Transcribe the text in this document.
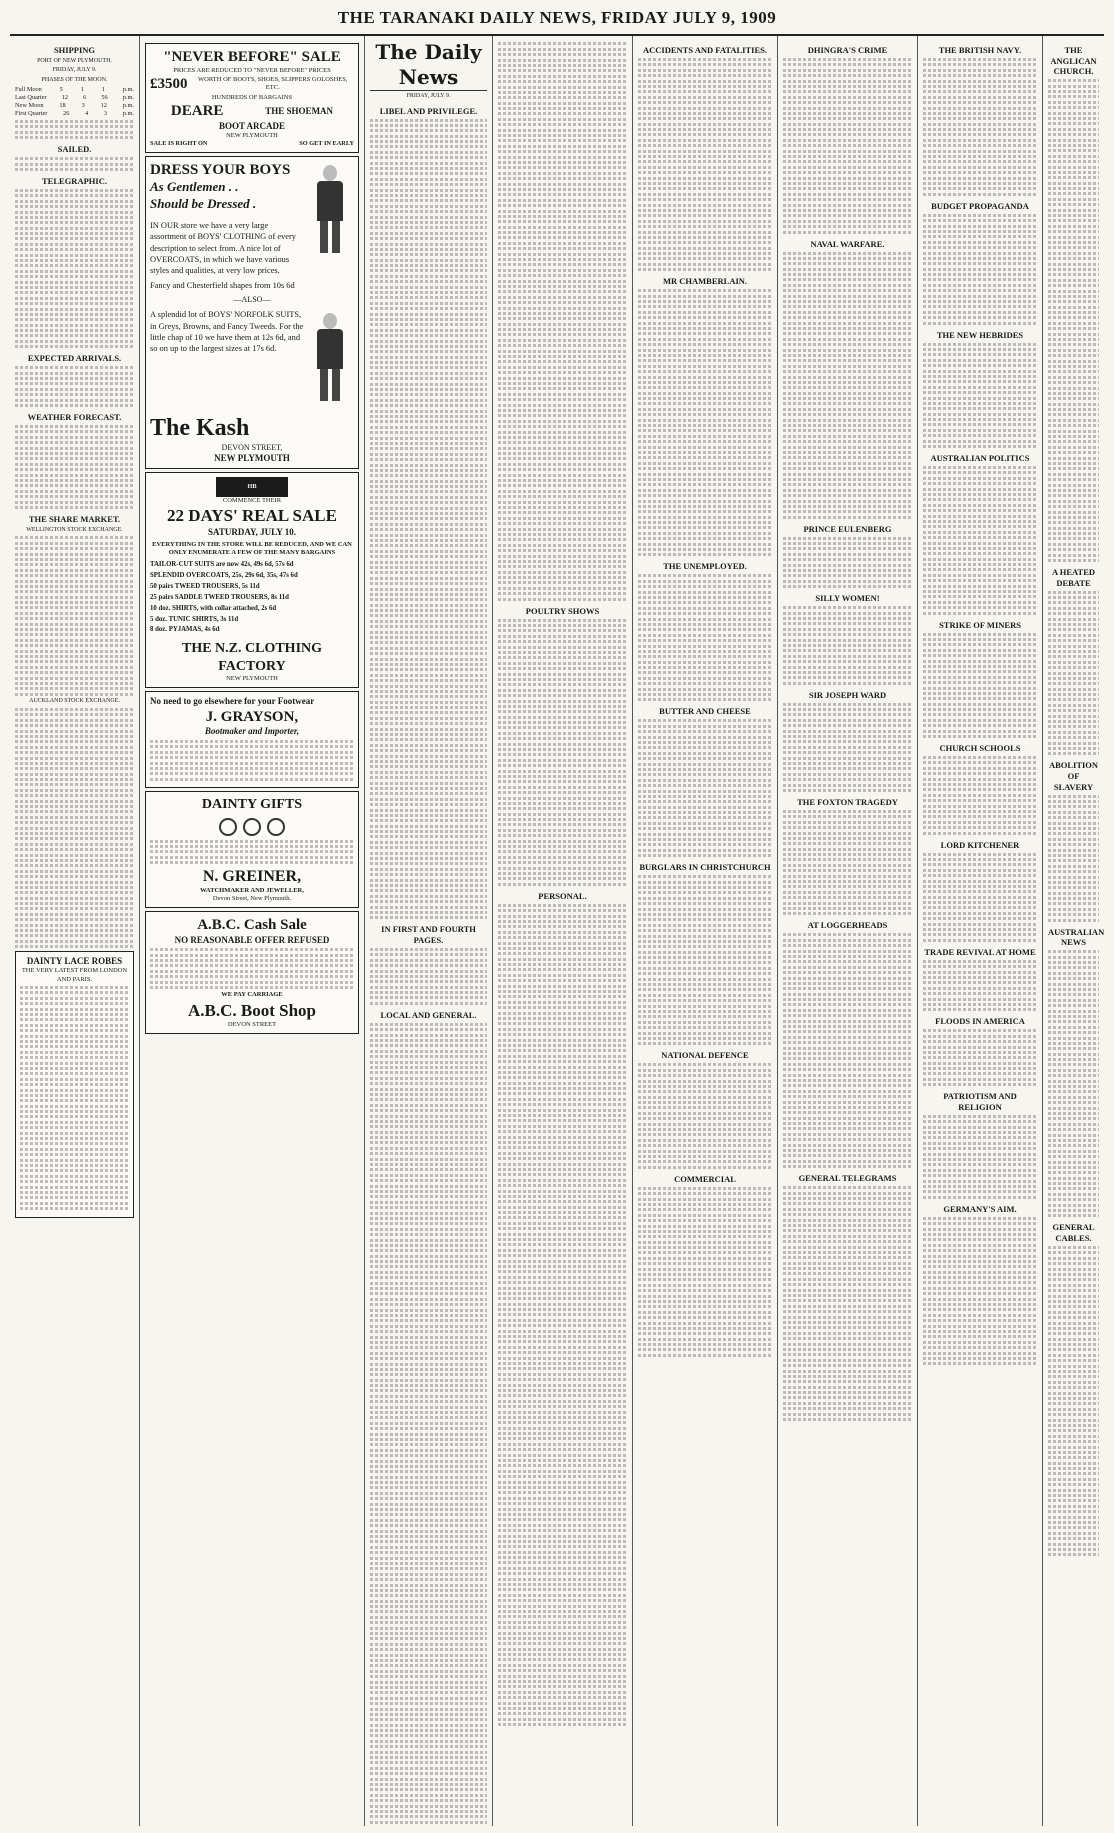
THE TARANAKI DAILY NEWS, FRIDAY JULY 9, 1909
SHIPPING
PORT OF NEW PLYMOUTH.
FRIDAY, JULY 9.
PHASES OF THE MOON.
Full Moon	5	1	1	p.m.
Last Quarter 12 6 56 p.m.
New Moon	18	3	12	p.m.
First Quarter 26 4 3 p.m.
SAILED.
TELEGRAPHIC.
EXPECTED ARRIVALS.
WEATHER FORECAST.
THE SHARE MARKET.
WELLINGTON STOCK EXCHANGE.
AUCKLAND STOCK EXCHANGE.
DAINTY LACE ROBES
THE VERY LATEST FROM LONDON AND PARIS.
"NEVER BEFORE" SALE
PRICES ARE REDUCED TO "NEVER BEFORE" PRICES
£3500	WORTH OF BOOTS, SHOES, SLIPPERS GOLOSHES, ETC.
HUNDREDS OF BARGAINS
DEARE	THE SHOEMAN
BOOT ARCADE
NEW PLYMOUTH
SALE IS RIGHT ON	SO GET IN EARLY
DRESS YOUR BOYS
As Gentlemen . .
Should be Dressed .
IN OUR store we have a very large assortment of BOYS' CLOTHING of every description to select from. A nice lot of OVERCOATS, in which we have various styles and qualities, at very low prices.
Fancy and Chesterfield shapes from 10s 6d
—ALSO—
A splendid lot of BOYS' NORFOLK SUITS, in Greys, Browns, and Fancy Tweeds. For the little chap of 10 we have them at 12s 6d, and so on up to the largest sizes at 17s 6d.
The Kash
DEVON STREET,
NEW PLYMOUTH
HB
COMMENCE THEIR
22 DAYS' REAL SALE
SATURDAY, JULY 10.
EVERYTHING IN THE STORE WILL BE REDUCED, AND WE CAN ONLY ENUMERATE A FEW OF THE MANY BARGAINS
TAILOR-CUT SUITS are now 42s, 49s 6d, 57s 6d
SPLENDID OVERCOATS, 25s, 29s 6d, 35s, 47s 6d
50 pairs TWEED TROUSERS, 5s 11d
25 pairs SADDLE TWEED TROUSERS, 8s 11d
10 doz. SHIRTS, with collar attached, 2s 6d
5 doz. TUNIC SHIRTS, 3s 11d
8 doz. PYJAMAS, 4s 6d
THE N.Z. CLOTHING FACTORY
NEW PLYMOUTH
No need to go elsewhere for your Footwear
J. GRAYSON,
Bootmaker and Importer,
DAINTY GIFTS
N. GREINER,
WATCHMAKER AND JEWELLER,
Devon Street, New Plymouth.
A.B.C. Cash Sale
NO REASONABLE OFFER REFUSED
WE PAY CARRIAGE
A.B.C. Boot Shop
DEVON STREET
The Daily News
FRIDAY, JULY 9.
LIBEL AND PRIVILEGE.
IN FIRST AND FOURTH PAGES.
LOCAL AND GENERAL.
POULTRY SHOWS
PERSONAL.
ACCIDENTS AND FATALITIES.
MR CHAMBERLAIN.
THE UNEMPLOYED.
BUTTER AND CHEESE
BURGLARS IN CHRISTCHURCH
NATIONAL DEFENCE
COMMERCIAL
DHINGRA'S CRIME
NAVAL WARFARE.
PRINCE EULENBERG
SILLY WOMEN!
SIR JOSEPH WARD
THE FOXTON TRAGEDY
AT LOGGERHEADS
GENERAL TELEGRAMS
THE BRITISH NAVY.
BUDGET PROPAGANDA
THE NEW HEBRIDES
AUSTRALIAN POLITICS
STRIKE OF MINERS
CHURCH SCHOOLS
LORD KITCHENER
TRADE REVIVAL AT HOME
FLOODS IN AMERICA
PATRIOTISM AND RELIGION
GERMANY'S AIM.
THE ANGLICAN CHURCH.
A HEATED DEBATE
ABOLITION OF SLAVERY
AUSTRALIAN NEWS
GENERAL CABLES.
